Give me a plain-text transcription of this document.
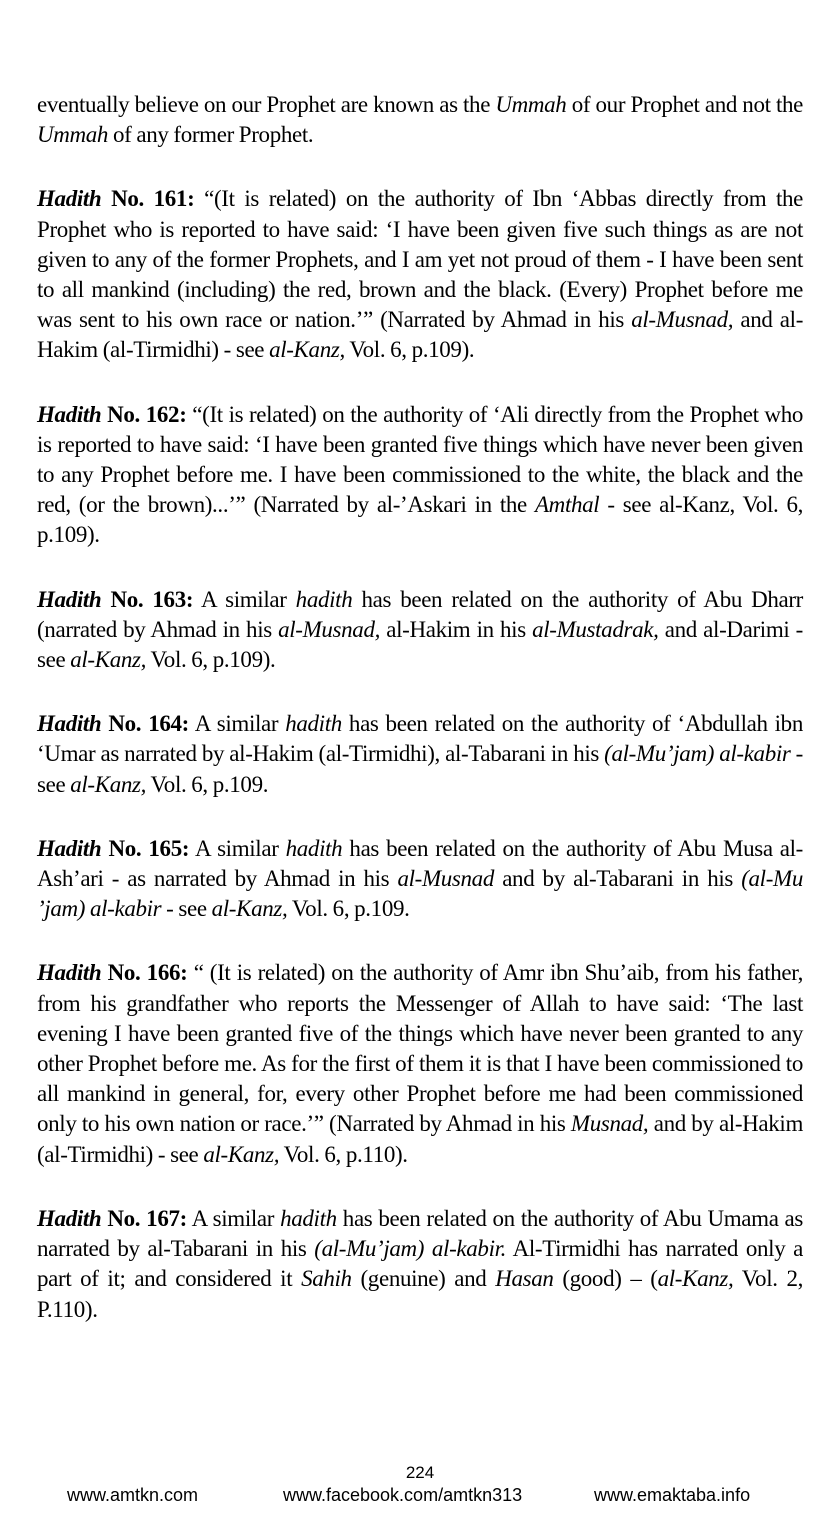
eventually believe on our Prophet are known as the Ummah of our Prophet and not the Ummah of any former Prophet.

Hadith No. 161: “(It is related) on the authority of Ibn ‘Abbas directly from the Prophet who is reported to have said: ‘I have been given five such things as are not given to any of the former Prophets, and I am yet not proud of them - I have been sent to all mankind (including) the red, brown and the black. (Every) Prophet before me was sent to his own race or nation.’” (Narrated by Ahmad in his al-Musnad, and al-Hakim (al-Tirmidhi) - see al-Kanz, Vol. 6, p.109).

Hadith No. 162: “(It is related) on the authority of ‘Ali directly from the Prophet who is reported to have said: ‘I have been granted five things which have never been given to any Prophet before me. I have been commissioned to the white, the black and the red, (or the brown)...’” (Narrated by al-’Askari in the Amthal - see al-Kanz, Vol. 6, p.109).

Hadith No. 163: A similar hadith has been related on the authority of Abu Dharr (narrated by Ahmad in his al-Musnad, al-Hakim in his al-Mustadrak, and al-Darimi - see al-Kanz, Vol. 6, p.109).

Hadith No. 164: A similar hadith has been related on the authority of ‘Abdullah ibn ‘Umar as narrated by al-Hakim (al-Tirmidhi), al-Tabarani in his (al-Mu’jam) al-kabir - see al-Kanz, Vol. 6, p.109.

Hadith No. 165: A similar hadith has been related on the authority of Abu Musa al-Ash’ari - as narrated by Ahmad in his al-Musnad and by al-Tabarani in his (al-Mu ’jam) al-kabir - see al-Kanz, Vol. 6, p.109.

Hadith No. 166: “ (It is related) on the authority of Amr ibn Shu’aib, from his father, from his grandfather who reports the Messenger of Allah to have said: ‘The last evening I have been granted five of the things which have never been granted to any other Prophet before me. As for the first of them it is that I have been commissioned to all mankind in general, for, every other Prophet before me had been commissioned only to his own nation or race.’” (Narrated by Ahmad in his Musnad, and by al-Hakim (al-Tirmidhi) - see al-Kanz, Vol. 6, p.110).

Hadith No. 167: A similar hadith has been related on the authority of Abu Umama as narrated by al-Tabarani in his (al-Mu’jam) al-kabir. Al-Tirmidhi has narrated only a part of it; and considered it Sahih (genuine) and Hasan (good) – (al-Kanz, Vol. 2, P.110).

224

www.amtkn.com	www.facebook.com/amtkn313	www.emaktaba.info
